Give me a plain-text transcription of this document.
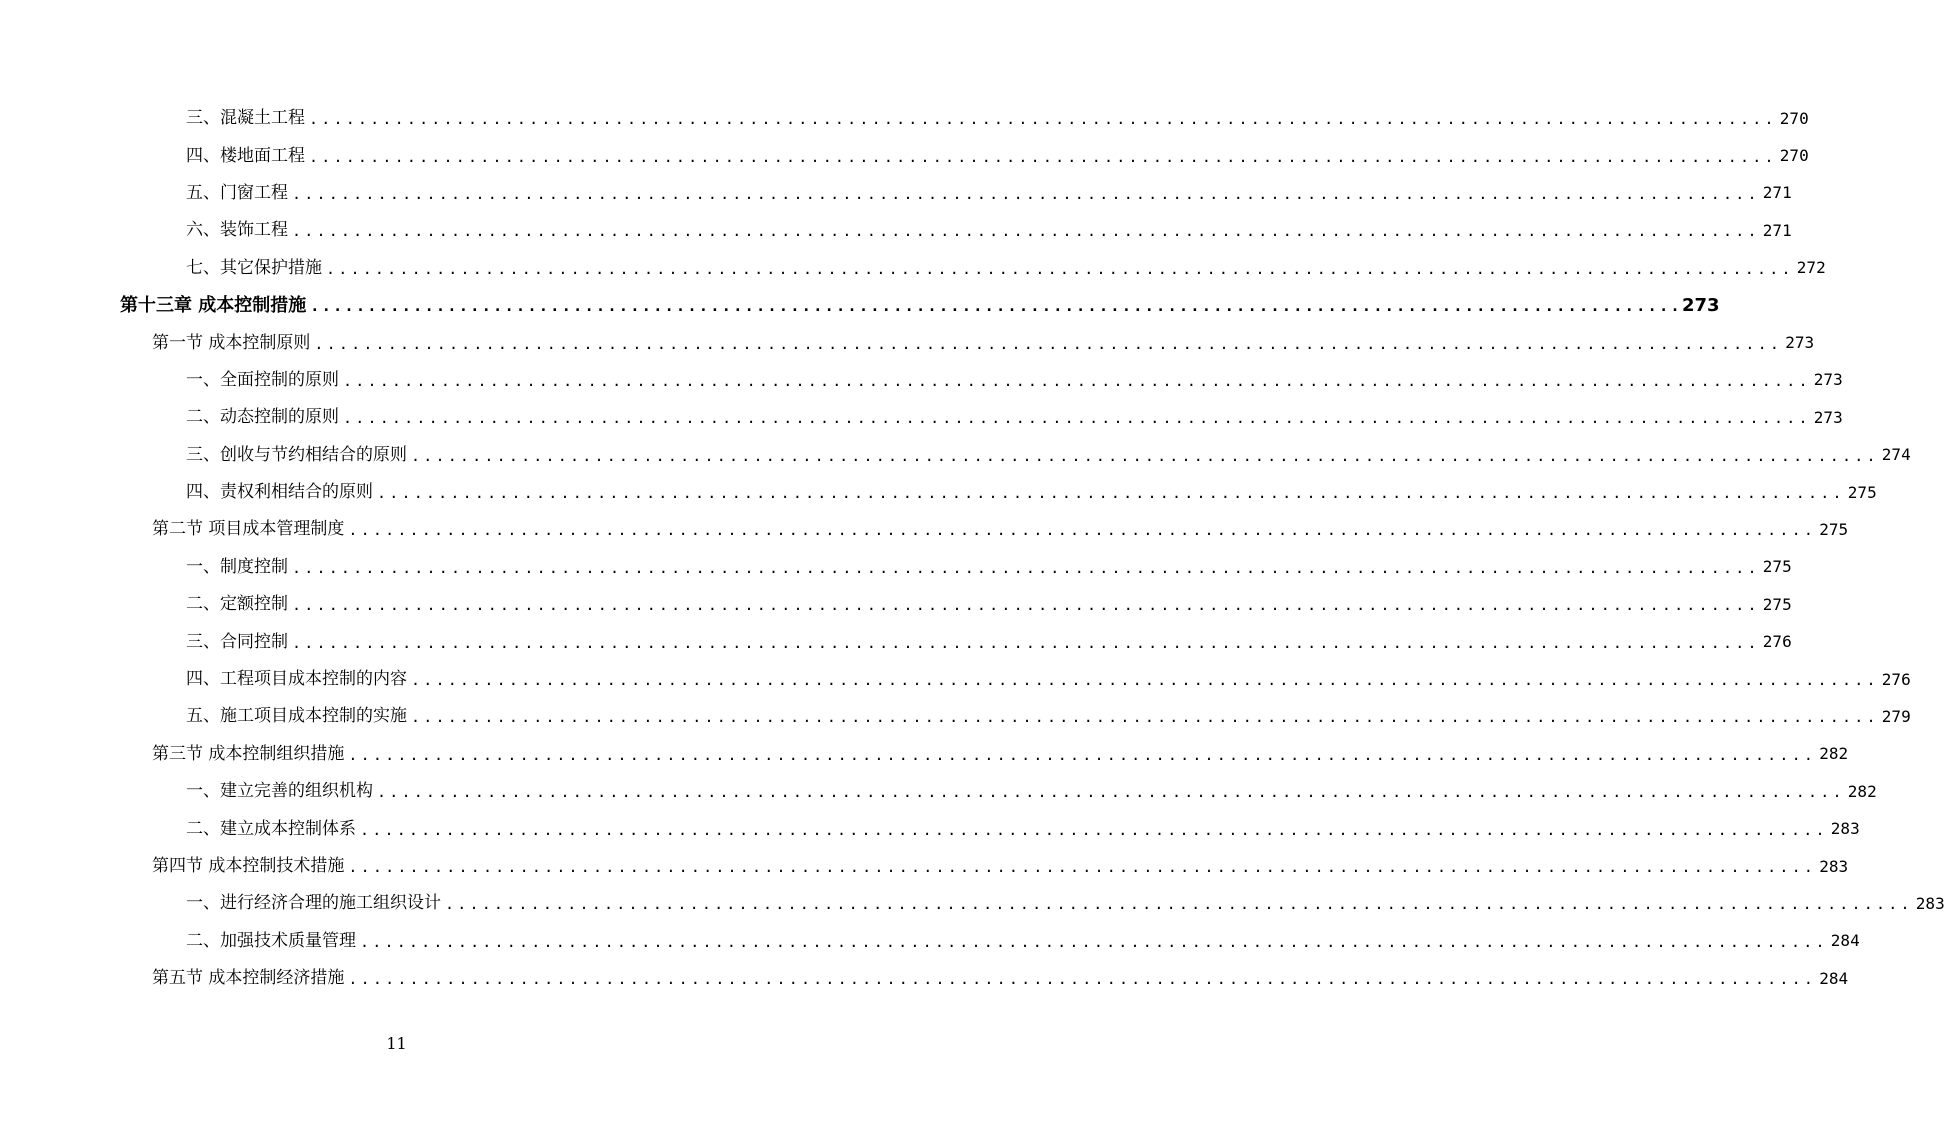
三、混凝土工程 ........................................................................................................................ 270
四、楼地面工程 ........................................................................................................................ 270
五、门窗工程 ........................................................................................................................ 271
六、装饰工程 ........................................................................................................................ 271
七、其它保护措施 ........................................................................................................................ 272
第十三章 成本控制措施 ........................................................................................................................ 273
第一节 成本控制原则 ........................................................................................................................ 273
一、全面控制的原则 ........................................................................................................................ 273
二、动态控制的原则 ........................................................................................................................ 273
三、创收与节约相结合的原则 ........................................................................................................................ 274
四、责权利相结合的原则 ........................................................................................................................ 275
第二节 项目成本管理制度 ........................................................................................................................ 275
一、制度控制 ........................................................................................................................ 275
二、定额控制 ........................................................................................................................ 275
三、合同控制 ........................................................................................................................ 276
四、工程项目成本控制的内容 ........................................................................................................................ 276
五、施工项目成本控制的实施 ........................................................................................................................ 279
第三节 成本控制组织措施 ........................................................................................................................ 282
一、建立完善的组织机构 ........................................................................................................................ 282
二、建立成本控制体系 ........................................................................................................................ 283
第四节 成本控制技术措施 ........................................................................................................................ 283
一、进行经济合理的施工组织设计 ........................................................................................................................ 283
二、加强技术质量管理 ........................................................................................................................ 284
第五节 成本控制经济措施 ........................................................................................................................ 284
11
